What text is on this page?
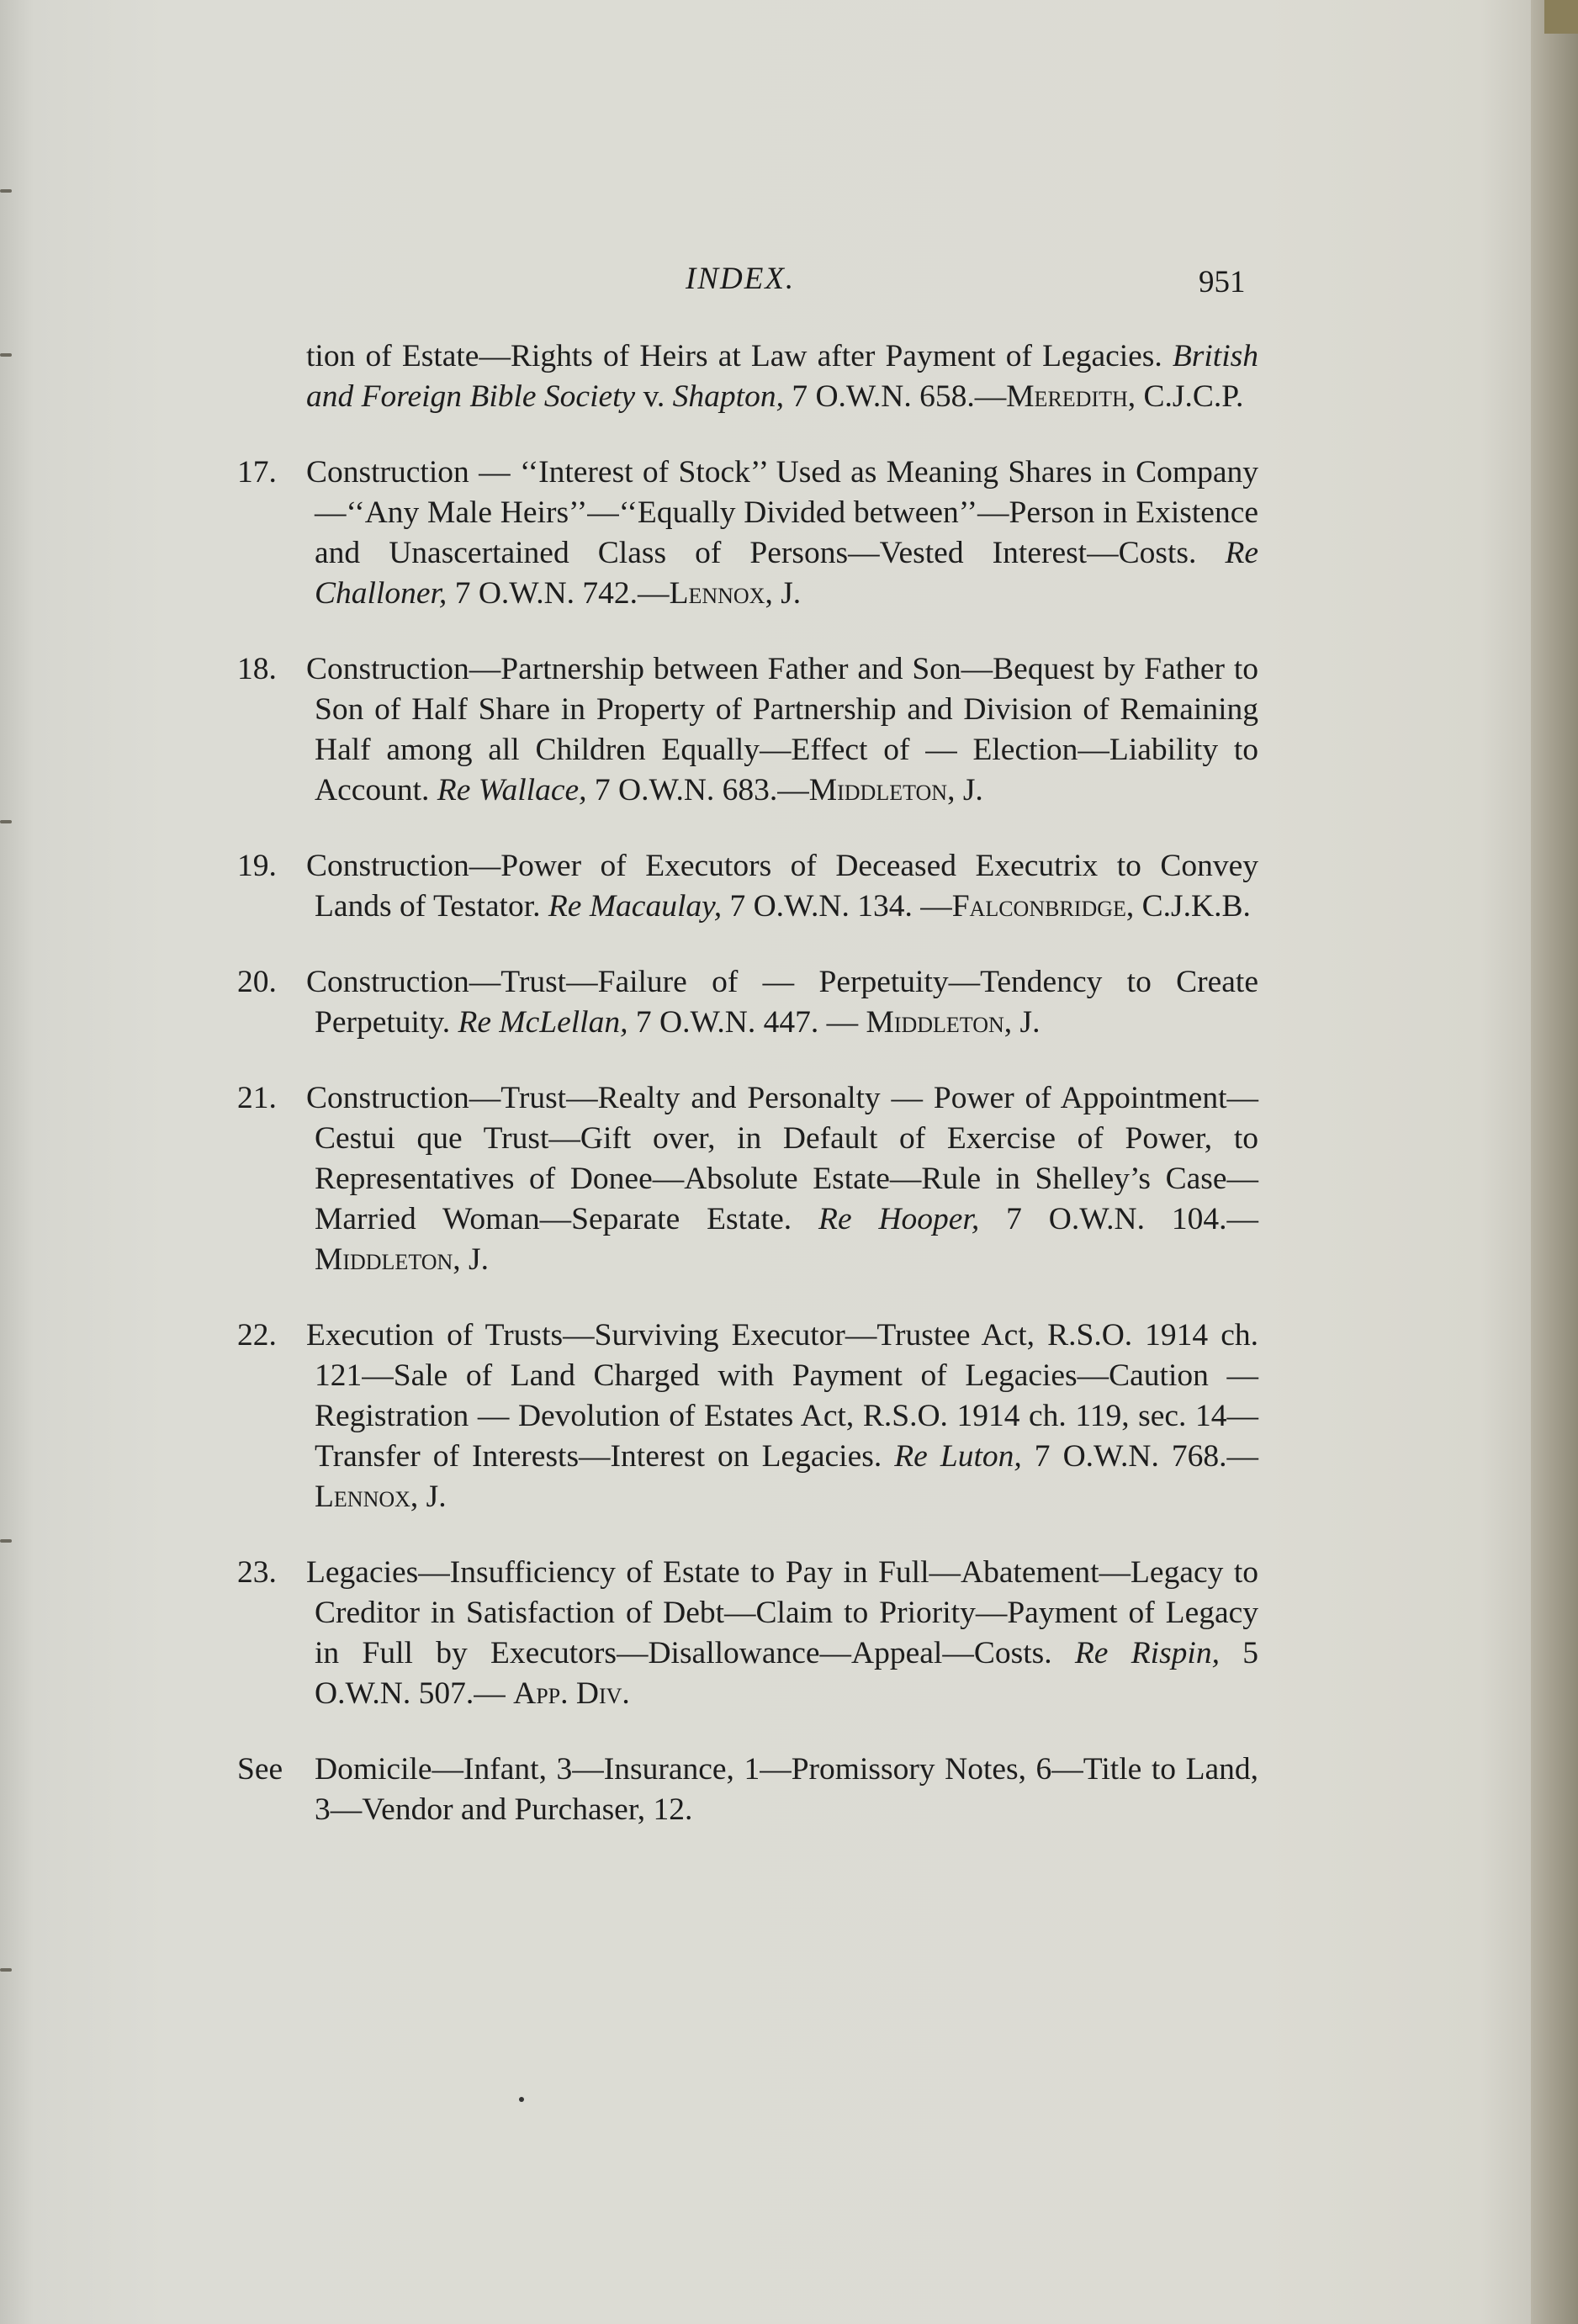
INDEX.	951

tion of Estate—Rights of Heirs at Law after Payment of Legacies. British and Foreign Bible Society v. Shapton, 7 O.W.N. 658.—Meredith, C.J.C.P.

17. Construction — ‘‘Interest of Stock’’ Used as Meaning Shares in Company—‘‘Any Male Heirs’’—‘‘Equally Divided between’’—Person in Existence and Unascertained Class of Persons—Vested Interest—Costs. Re Challoner, 7 O.W.N. 742.—Lennox, J.

18. Construction—Partnership between Father and Son—Bequest by Father to Son of Half Share in Property of Partnership and Division of Remaining Half among all Children Equally—Effect of — Election—Liability to Account. Re Wallace, 7 O.W.N. 683.—Middleton, J.

19. Construction—Power of Executors of Deceased Executrix to Convey Lands of Testator. Re Macaulay, 7 O.W.N. 134. —Falconbridge, C.J.K.B.

20. Construction—Trust—Failure of — Perpetuity—Tendency to Create Perpetuity. Re McLellan, 7 O.W.N. 447. — Middleton, J.

21. Construction—Trust—Realty and Personalty — Power of Appointment—Cestui que Trust—Gift over, in Default of Exercise of Power, to Representatives of Donee—Absolute Estate—Rule in Shelley’s Case—Married Woman—Separate Estate. Re Hooper, 7 O.W.N. 104.—Middleton, J.

22. Execution of Trusts—Surviving Executor—Trustee Act, R.S.O. 1914 ch. 121—Sale of Land Charged with Payment of Legacies—Caution — Registration — Devolution of Estates Act, R.S.O. 1914 ch. 119, sec. 14—Transfer of Interests—Interest on Legacies. Re Luton, 7 O.W.N. 768.— Lennox, J.

23. Legacies—Insufficiency of Estate to Pay in Full—Abatement—Legacy to Creditor in Satisfaction of Debt—Claim to Priority—Payment of Legacy in Full by Executors—Disallowance—Appeal—Costs. Re Rispin, 5 O.W.N. 507.— App. Div.

See Domicile—Infant, 3—Insurance, 1—Promissory Notes, 6—Title to Land, 3—Vendor and Purchaser, 12.
